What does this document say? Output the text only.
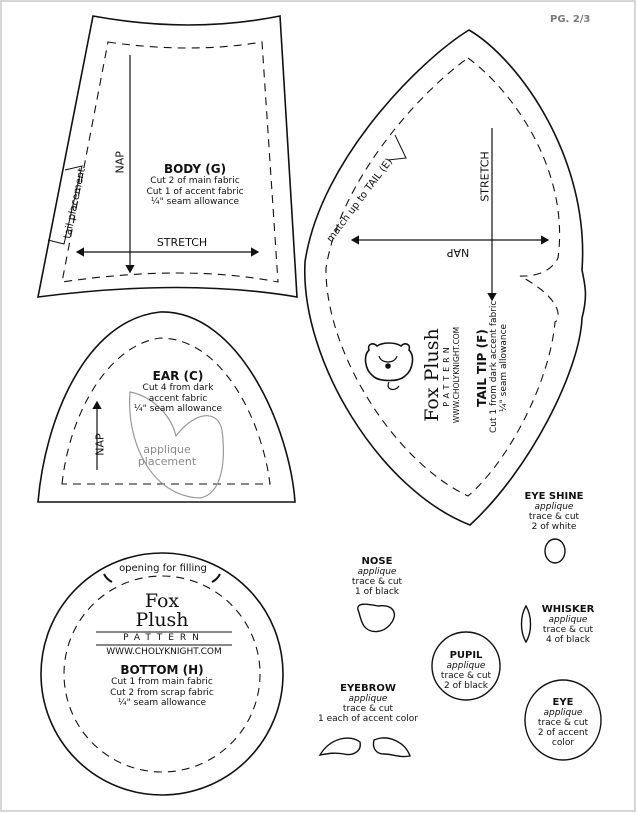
PG. 2/3
NAP
tail placement	BODY (G)
Cut 2 of main fabric
Cut 1 of accent fabric
¼" seam allowance
STRETCH
STRETCH
NAP
match up to TAIL (E)
Fox Plush PATTERN WWW.CHOLYKNIGHT.COM TAIL TIP (F) Cut 1 from dark accent fabric ¼" seam allowance
EAR (C)
Cut 4 from dark
accent fabric
¼" seam allowance
applique
placement
NAP
opening for filling
Fox
Plush
PATTERN
WWW.CHOLYKNIGHT.COM
BOTTOM (H)
Cut 1 from main fabric
Cut 2 from scrap fabric
¼" seam allowance
EYE SHINE
applique
trace & cut
2 of white
NOSE
applique
trace & cut
1 of black
WHISKER
applique
trace & cut
4 of black
PUPIL
applique
trace & cut
2 of black
EYEBROW
applique
trace & cut
1 each of accent color
EYE
applique
trace & cut
2 of accent
color
